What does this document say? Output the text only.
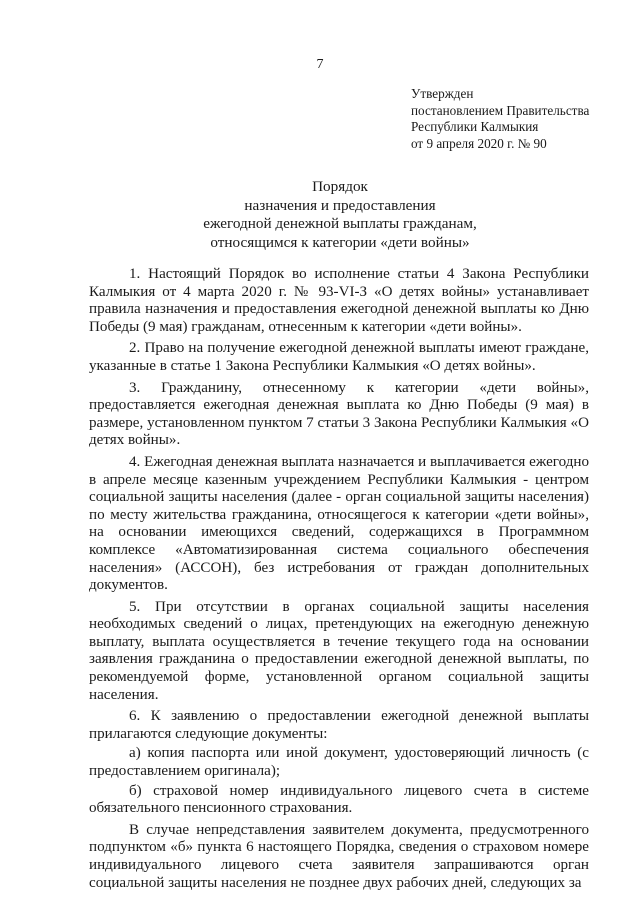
7
Утвержден
постановлением Правительства
Республики Калмыкия
от 9 апреля 2020 г. № 90
Порядок
назначения и предоставления
ежегодной денежной выплаты гражданам,
относящимся к категории «дети войны»

1. Настоящий Порядок во исполнение статьи 4 Закона Республики Калмыкия от 4 марта 2020 г. № 93-VI-З «О детях войны» устанавливает правила назначения и предоставления ежегодной денежной выплаты ко Дню Победы (9 мая) гражданам, отнесенным к категории «дети войны».

2. Право на получение ежегодной денежной выплаты имеют граждане, указанные в статье 1 Закона Республики Калмыкия «О детях войны».

3. Гражданину, отнесенному к категории «дети войны», предоставляется ежегодная денежная выплата ко Дню Победы (9 мая) в размере, установленном пунктом 7 статьи 3 Закона Республики Калмыкия «О детях войны».

4. Ежегодная денежная выплата назначается и выплачивается ежегодно в апреле месяце казенным учреждением Республики Калмыкия - центром социальной защиты населения (далее - орган социальной защиты населения) по месту жительства гражданина, относящегося к категории «дети войны», на основании имеющихся сведений, содержащихся в Программном комплексе «Автоматизированная система социального обеспечения населения» (АССОН), без истребования от граждан дополнительных документов.

5. При отсутствии в органах социальной защиты населения необходимых сведений о лицах, претендующих на ежегодную денежную выплату, выплата осуществляется в течение текущего года на основании заявления гражданина о предоставлении ежегодной денежной выплаты, по рекомендуемой форме, установленной органом социальной защиты населения.

6. К заявлению о предоставлении ежегодной денежной выплаты прилагаются следующие документы:

а) копия паспорта или иной документ, удостоверяющий личность (с предоставлением оригинала);

б) страховой номер индивидуального лицевого счета в системе обязательного пенсионного страхования.

В случае непредставления заявителем документа, предусмотренного подпунктом «б» пункта 6 настоящего Порядка, сведения о страховом номере индивидуального лицевого счета заявителя запрашиваются орган социальной защиты населения не позднее двух рабочих дней, следующих за
